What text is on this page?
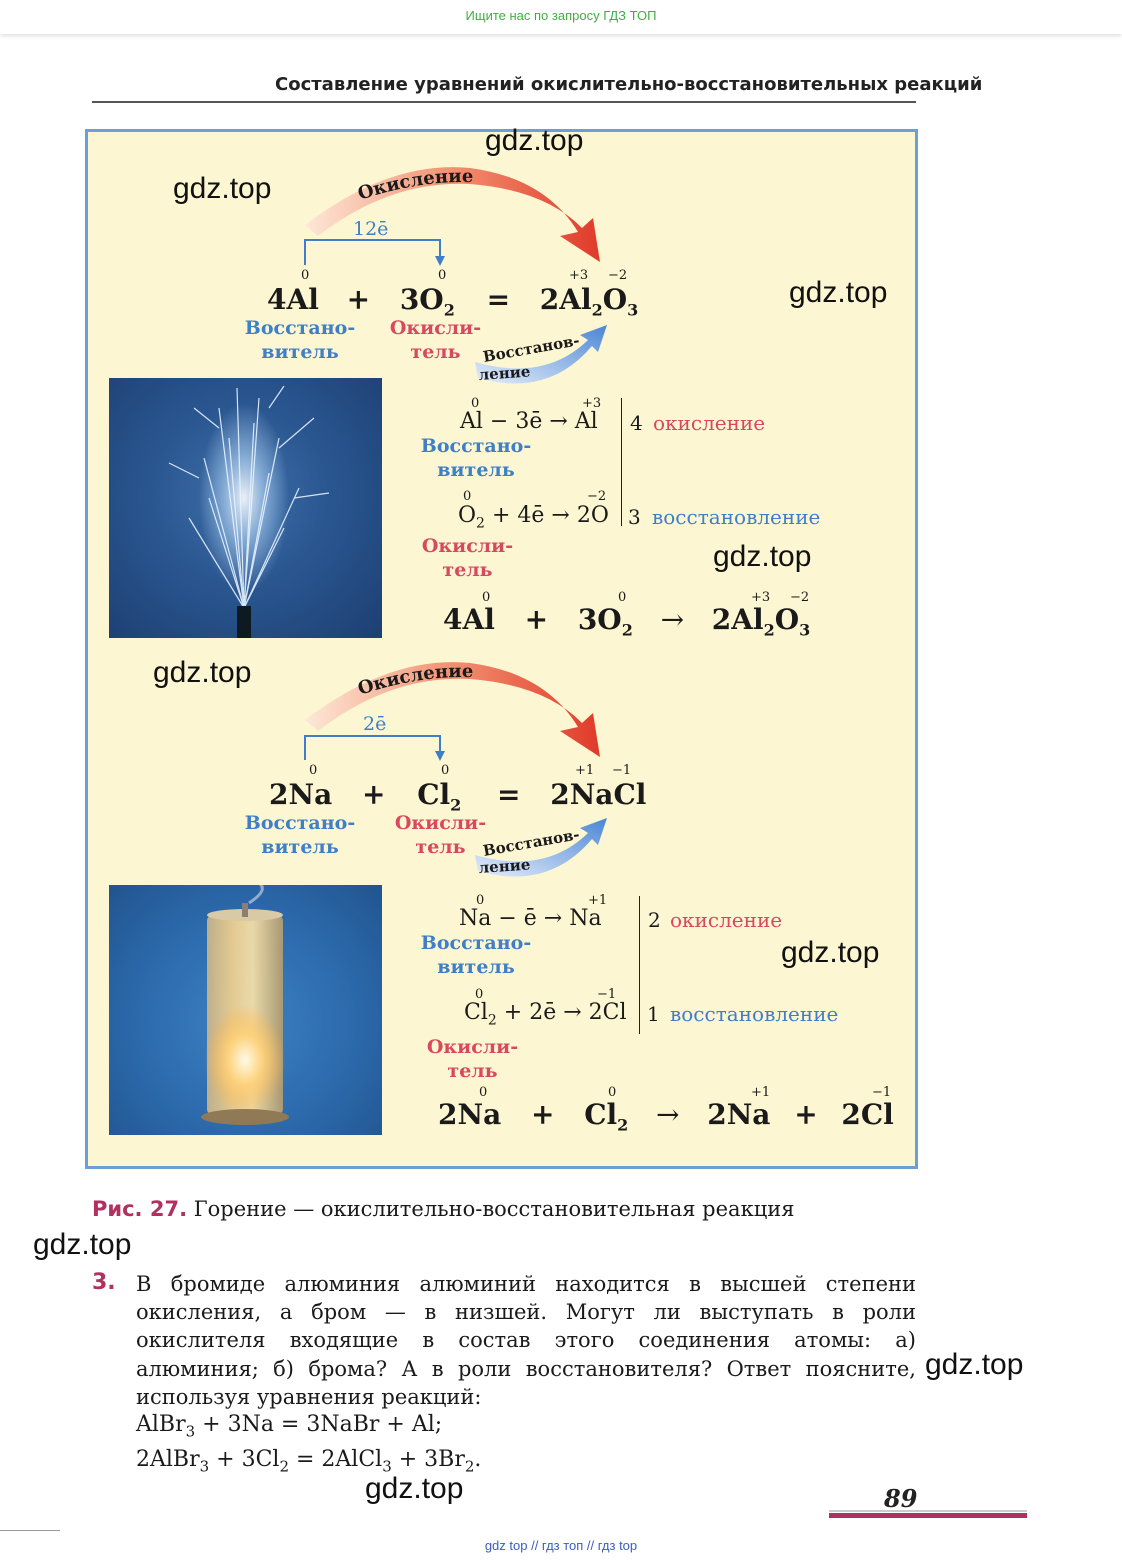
Ищите нас по запросу ГДЗ ТОП
Составление уравнений окислительно-восстановительных реакций
Окисление
12ē
Восстанов-
ление
Окисление
2ē
Восстанов-
ление
0	0	+3 −2
$4Al + 3O_2 = 2Al_2O_3$
Восстано-
витель
Окисли-
тель
0	+3
Al − 3ē → Al 4 окисление
Восстано-
витель
0	−2
$O_2$ + 4ē → 2O 3 восстановление
Окисли-
тель
0	0	+3 −2
$4Al + 3O_2 \to 2Al_2O_3$
0	0	+1 −1
$2Na + Cl_2$ = 2NaCl
Восстано-
витель
Окисли-
тель
0	+1
Na − ē → Na 2 окисление
Восстано-
витель
0	−1
$Cl_2$ + 2ē → 2Cl 1 восстановление
Окисли-
тель
0	0	+1	−1
$2Na + Cl_2 \to 2Na + 2Cl$
Рис. 27. Горение — окислительно-восстановительная реакция
3. В бромиде алюминия алюминий находится в высшей степени окисления, а бром — в низшей. Могут ли выступать в роли окислителя входящие в состав этого соединения атомы: а) алюминия; б) брома? А в роли восстановителя? Ответ поясните, используя уравнения реакций:
AlBr$_3$ + 3Na = 3NaBr + Al;
2AlBr$_3$ + $3Cl_2$ = 2AlCl$_3$ + $3Br_2$.
89
gdz.top
gdz.top
gdz.top
gdz.top
gdz.top
gdz.top
gdz.top
gdz.top
gdz.top
gdz top // гдз топ // гдз top
